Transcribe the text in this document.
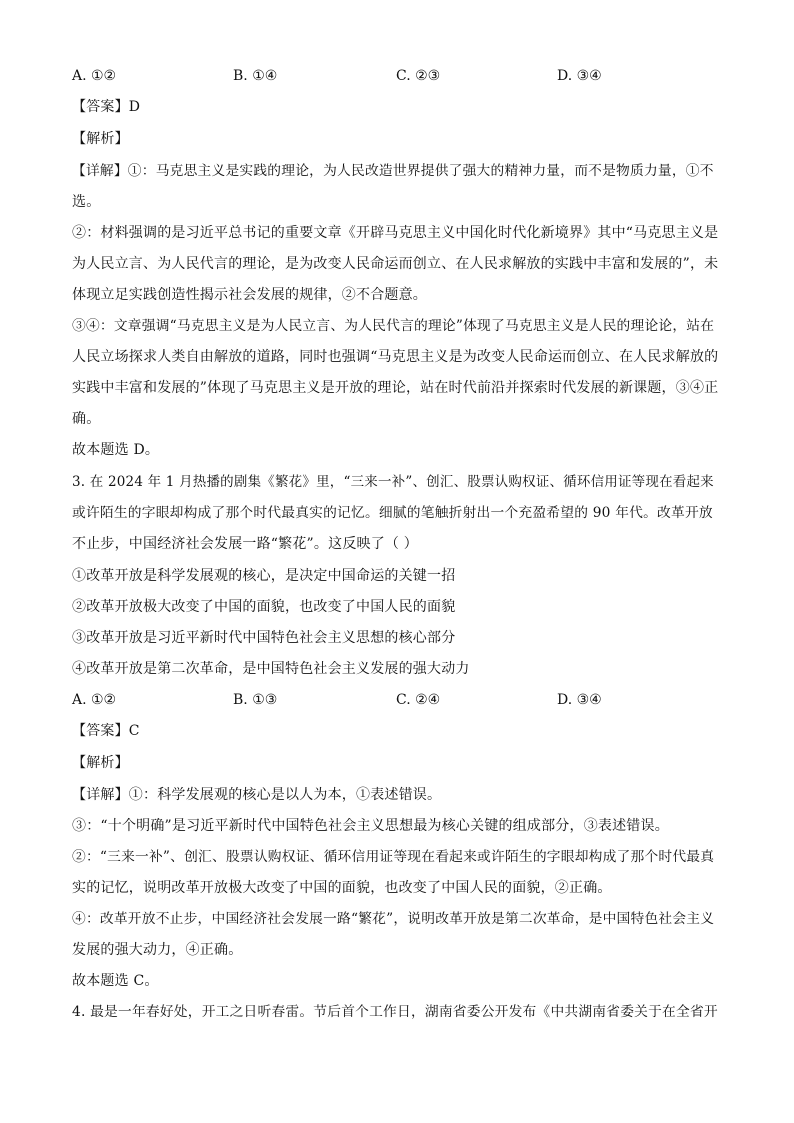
A. ①②	B. ①④	C. ②③	D. ③④
【答案】D
【解析】
【详解】①：马克思主义是实践的理论，为人民改造世界提供了强大的精神力量，而不是物质力量，①不
选。
②：材料强调的是习近平总书记的重要文章《开辟马克思主义中国化时代化新境界》其中“马克思主义是
为人民立言、为人民代言的理论，是为改变人民命运而创立、在人民求解放的实践中丰富和发展的”，未
体现立足实践创造性揭示社会发展的规律，②不合题意。
③④：文章强调“马克思主义是为人民立言、为人民代言的理论”体现了马克思主义是人民的理论论，站在
人民立场探求人类自由解放的道路，同时也强调“马克思主义是为改变人民命运而创立、在人民求解放的
实践中丰富和发展的”体现了马克思主义是开放的理论，站在时代前沿并探索时代发展的新课题，③④正
确。
故本题选 D。
3. 在 2024 年 1 月热播的剧集《繁花》里，“三来一补”、创汇、股票认购权证、循环信用证等现在看起来
或许陌生的字眼却构成了那个时代最真实的记忆。细腻的笔触折射出一个充盈希望的 90 年代。改革开放
不止步，中国经济社会发展一路“繁花”。这反映了（ ）
①改革开放是科学发展观的核心，是决定中国命运的关键一招
②改革开放极大改变了中国的面貌，也改变了中国人民的面貌
③改革开放是习近平新时代中国特色社会主义思想的核心部分
④改革开放是第二次革命，是中国特色社会主义发展的强大动力
A. ①②	B. ①③	C. ②④	D. ③④
【答案】C
【解析】
【详解】①：科学发展观的核心是以人为本，①表述错误。
③：“十个明确”是习近平新时代中国特色社会主义思想最为核心关键的组成部分，③表述错误。
②：“三来一补”、创汇、股票认购权证、循环信用证等现在看起来或许陌生的字眼却构成了那个时代最真
实的记忆，说明改革开放极大改变了中国的面貌，也改变了中国人民的面貌，②正确。
④：改革开放不止步，中国经济社会发展一路“繁花”，说明改革开放是第二次革命，是中国特色社会主义
发展的强大动力，④正确。
故本题选 C。
4. 最是一年春好处，开工之日听春雷。节后首个工作日，湖南省委公开发布《中共湖南省委关于在全省开
